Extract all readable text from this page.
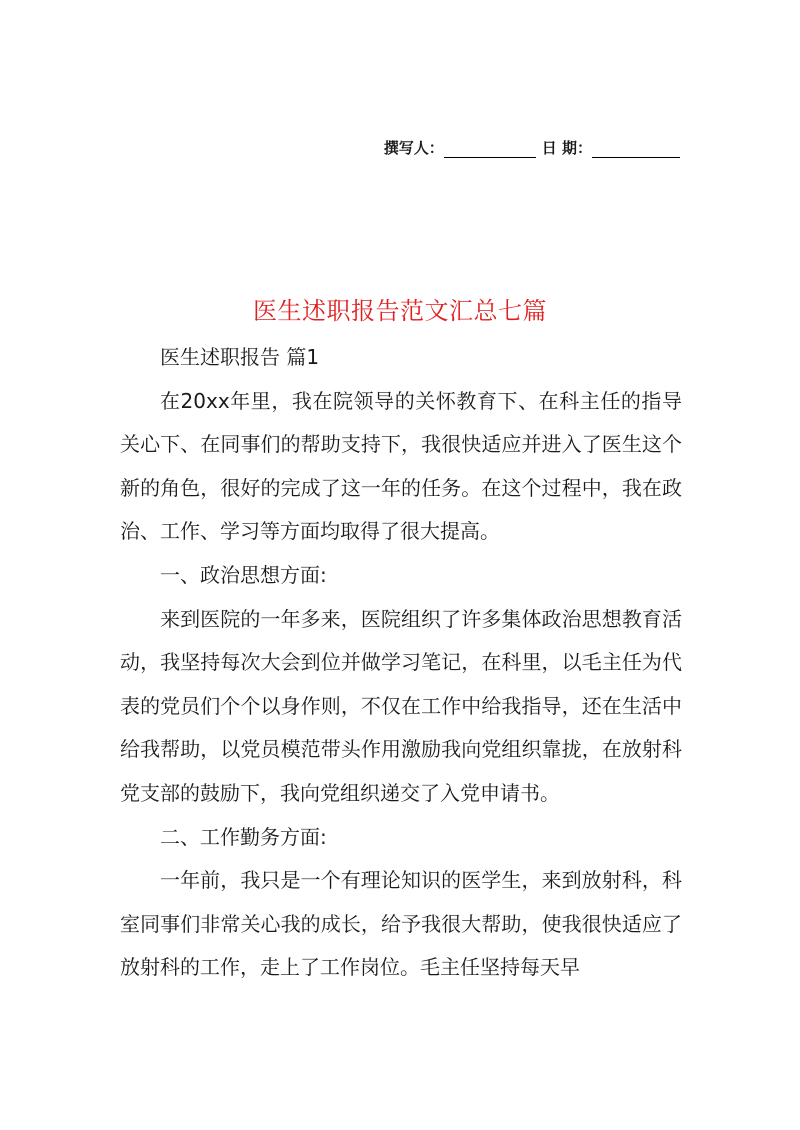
撰写人：	日 期：
医生述职报告范文汇总七篇

医生述职报告 篇1

在20xx年里，我在院领导的关怀教育下、在科主任的指导关心下、在同事们的帮助支持下，我很快适应并进入了医生这个新的角色，很好的完成了这一年的任务。在这个过程中，我在政治、工作、学习等方面均取得了很大提高。

一、政治思想方面:

来到医院的一年多来，医院组织了许多集体政治思想教育活动，我坚持每次大会到位并做学习笔记，在科里，以毛主任为代表的党员们个个以身作则，不仅在工作中给我指导，还在生活中给我帮助，以党员模范带头作用激励我向党组织靠拢，在放射科党支部的鼓励下，我向党组织递交了入党申请书。

二、工作勤务方面:

一年前，我只是一个有理论知识的医学生，来到放射科，科室同事们非常关心我的成长，给予我很大帮助，使我很快适应了放射科的工作，走上了工作岗位。毛主任坚持每天早
